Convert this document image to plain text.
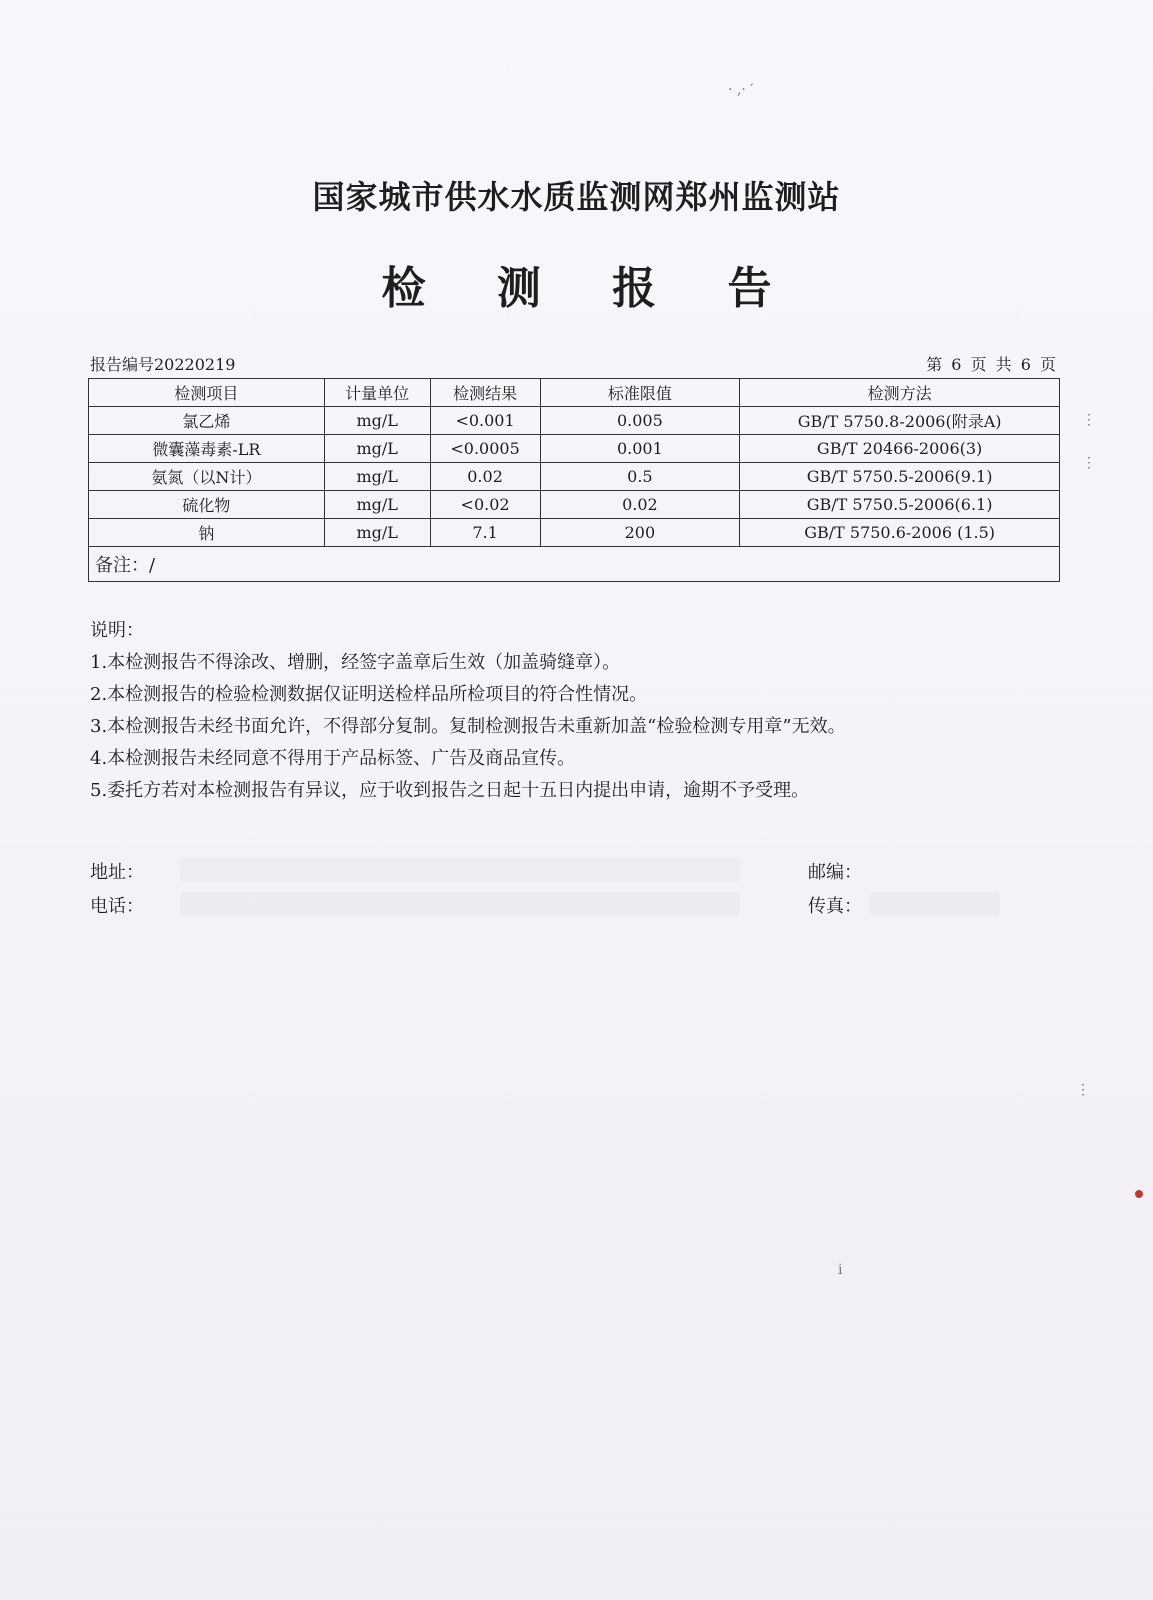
· ,· ′
国家城市供水水质监测网郑州监测站
检 测 报 告
报告编号20220219	第 6 页 共 6 页
检测项目	计量单位	检测结果	标准限值	检测方法
氯乙烯	mg/L	<0.001	0.005	GB/T 5750.8-2006(附录A)
微囊藻毒素-LR	mg/L	<0.0005	0.001	GB/T 20466-2006(3)
氨氮（以N计）	mg/L	0.02	0.5	GB/T 5750.5-2006(9.1)
硫化物	mg/L	<0.02	0.02	GB/T 5750.5-2006(6.1)
钠	mg/L	7.1	200	GB/T 5750.6-2006 (1.5)
备注：/				

说明：

1.本检测报告不得涂改、增删，经签字盖章后生效（加盖骑缝章）。

2.本检测报告的检验检测数据仅证明送检样品所检项目的符合性情况。

3.本检测报告未经书面允许，不得部分复制。复制检测报告未重新加盖“检验检测专用章”无效。

4.本检测报告未经同意不得用于产品标签、广告及商品宣传。

5.委托方若对本检测报告有异议，应于收到报告之日起十五日内提出申请，逾期不予受理。

地址：	邮编：
电话：	传真：
⋮
⋮
⋮
ⅰ
